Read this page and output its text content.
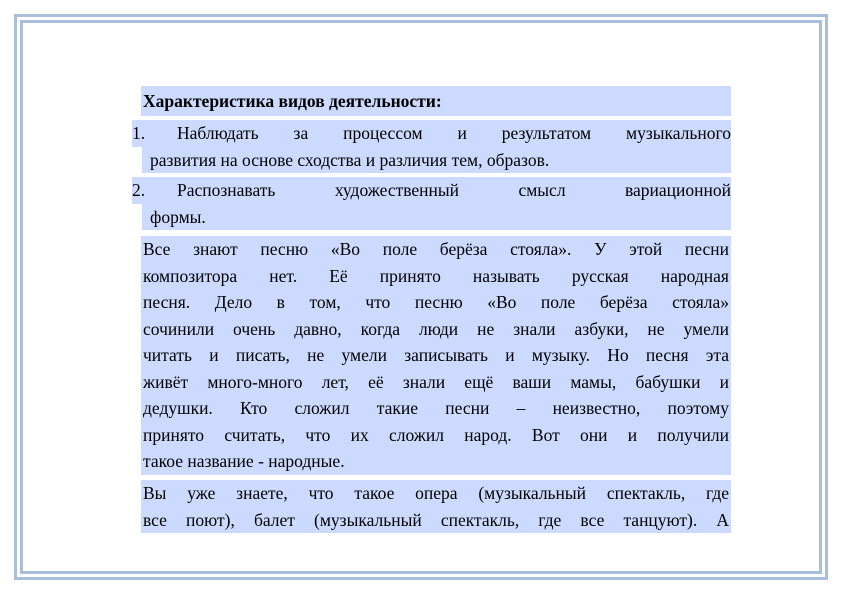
Характеристика видов деятельности:
1. Наблюдать за процессом и результатом музыкального
развития на основе сходства и различия тем, образов.
2. Распознавать художественный смысл вариационной
формы.
Все знают песню «Во поле берёза стояла». У этой песни
композитора нет. Её принято называть русская народная
песня. Дело в том, что песню «Во поле берёза стояла»
сочинили очень давно, когда люди не знали азбуки, не умели
читать и писать, не умели записывать и музыку. Но песня эта
живёт много-много лет, её знали ещё ваши мамы, бабушки и
дедушки. Кто сложил такие песни – неизвестно, поэтому
принято считать, что их сложил народ. Вот они и получили
такое название - народные.
Вы уже знаете, что такое опера (музыкальный спектакль, где
все поют), балет (музыкальный спектакль, где все танцуют). А
